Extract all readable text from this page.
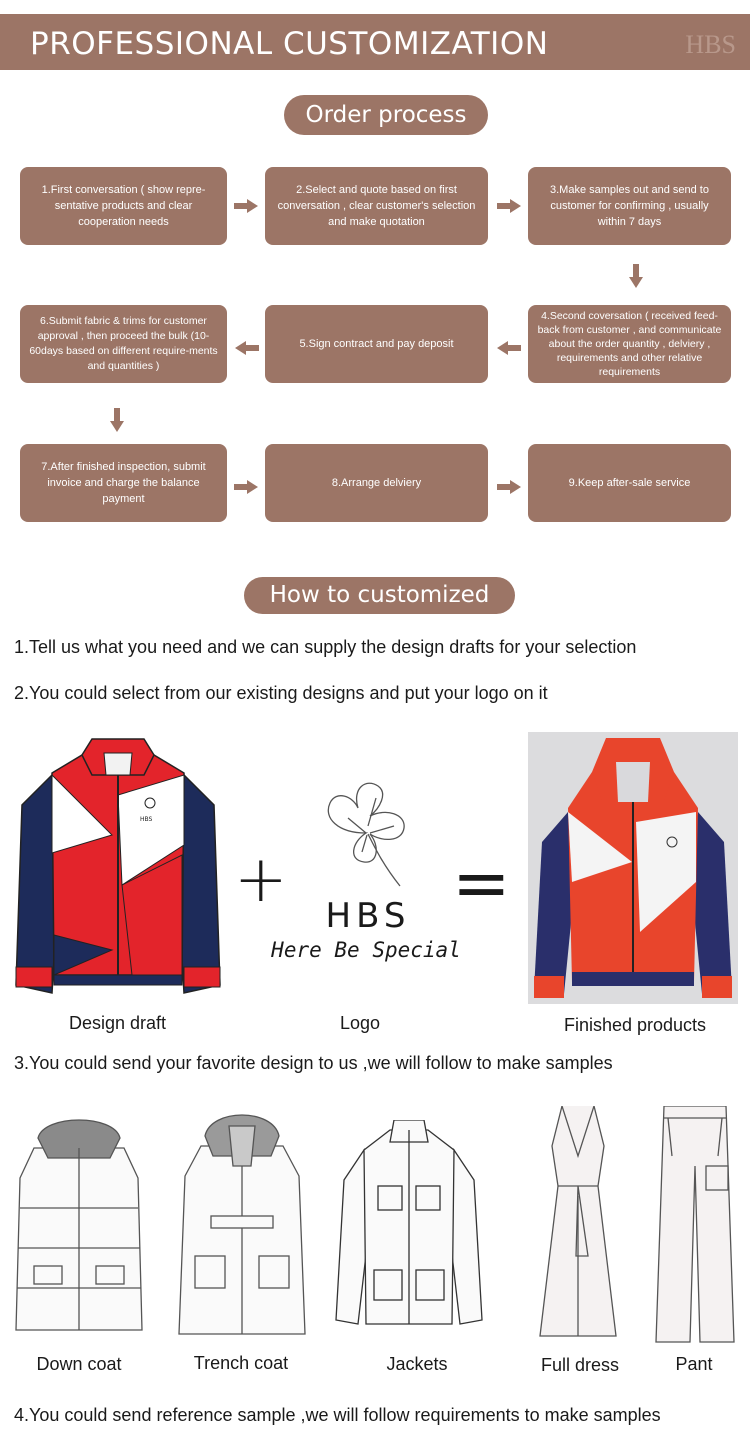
PROFESSIONAL CUSTOMIZATION	HBS
Order process
1.First conversation ( show repre-sentative products and clear cooperation needs
2.Select and quote based on first conversation , clear customer's selection and make quotation
3.Make samples out and send to customer for confirming , usually within 7 days
4.Second coversation ( received feed-back from customer , and communicate about the order quantity , delviery , requirements and other relative requirements
5.Sign contract and pay deposit
6.Submit fabric & trims for customer approval , then proceed the bulk (10-60days based on different require-ments and quantities )
7.After finished inspection, submit invoice and charge the balance payment
8.Arrange delviery	9.Keep after-sale service
How to customized
1.Tell us what you need and we can supply the design drafts for your selection
2.You could select from our existing designs and put your logo on it
HBS
+ HBS
Here Be Special
=
Design draft	Logo	Finished products
3.You could send your favorite design to us ,we will follow to make samples
Down coat	Trench coat	Jackets	Full dress	Pant
4.You could send reference sample ,we will follow requirements to make samples
